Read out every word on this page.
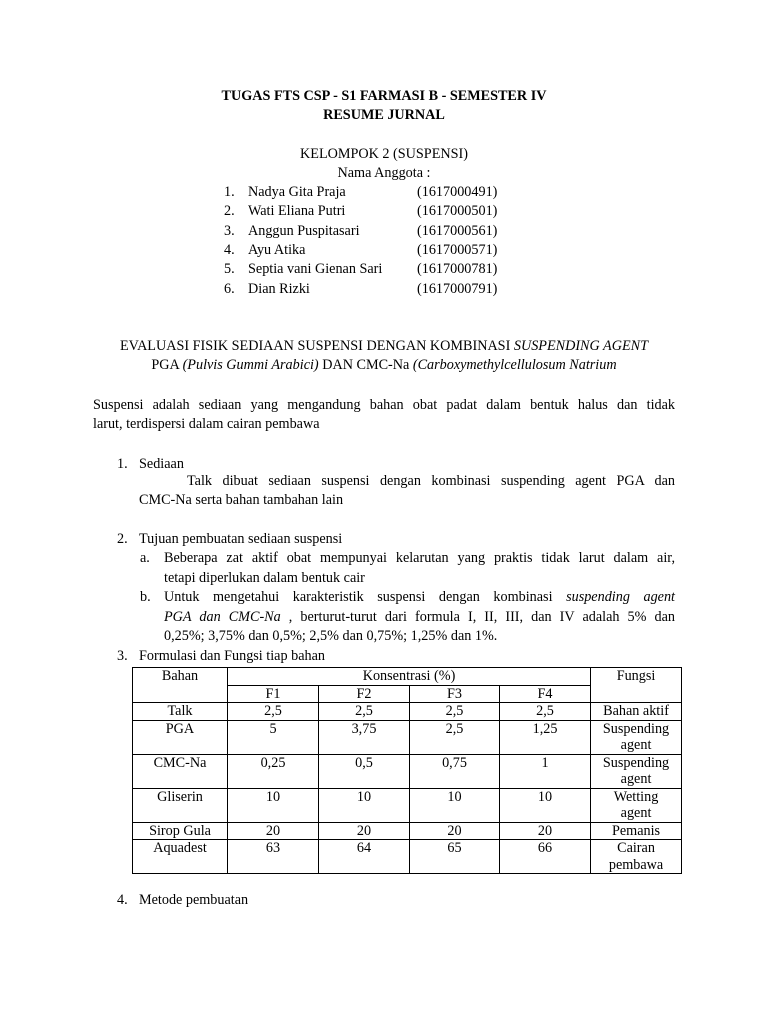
TUGAS FTS CSP - S1 FARMASI B - SEMESTER IV
RESUME JURNAL
KELOMPOK 2 (SUSPENSI)
Nama Anggota :
1. Nadya Gita Praja	(1617000491)
2. Wati Eliana Putri	(1617000501)
3. Anggun Puspitasari	(1617000561)
4. Ayu Atika	(1617000571)
5. Septia vani Gienan Sari (1617000781)
6. Dian Rizki	(1617000791)
EVALUASI FISIK SEDIAAN SUSPENSI DENGAN KOMBINASI SUSPENDING AGENT
PGA (Pulvis Gummi Arabici) DAN CMC-Na (Carboxymethylcellulosum Natrium
Suspensi adalah sediaan yang mengandung bahan obat padat dalam bentuk halus dan tidak
larut, terdispersi dalam cairan pembawa
1. Sediaan
Talk dibuat sediaan suspensi dengan kombinasi suspending agent PGA dan
CMC-Na serta bahan tambahan lain
2. Tujuan pembuatan sediaan suspensi
a. Beberapa zat aktif obat mempunyai kelarutan yang praktis tidak larut dalam air,
tetapi diperlukan dalam bentuk cair
b. Untuk mengetahui karakteristik suspensi dengan kombinasi suspending agent
PGA dan CMC-Na , berturut-turut dari formula I, II, III, dan IV adalah 5% dan
0,25%; 3,75% dan 0,5%; 2,5% dan 0,75%; 1,25% dan 1%.
3. Formulasi dan Fungsi tiap bahan
Bahan	Konsentrasi (%)				Fungsi
	F1	F2	F3	F4	
Talk	2,5	2,5	2,5	2,5	Bahan aktif

PGA	5	3,75	2,5	1,25	Suspending
agent

CMC-Na	0,25	0,5	0,75	1	Suspending
agent

Gliserin	10	10	10	10	Wetting
agent

Sirop Gula	20	20	20	20	Pemanis

Aquadest	63	64	65	66	Cairan
pembawa
4. Metode pembuatan
